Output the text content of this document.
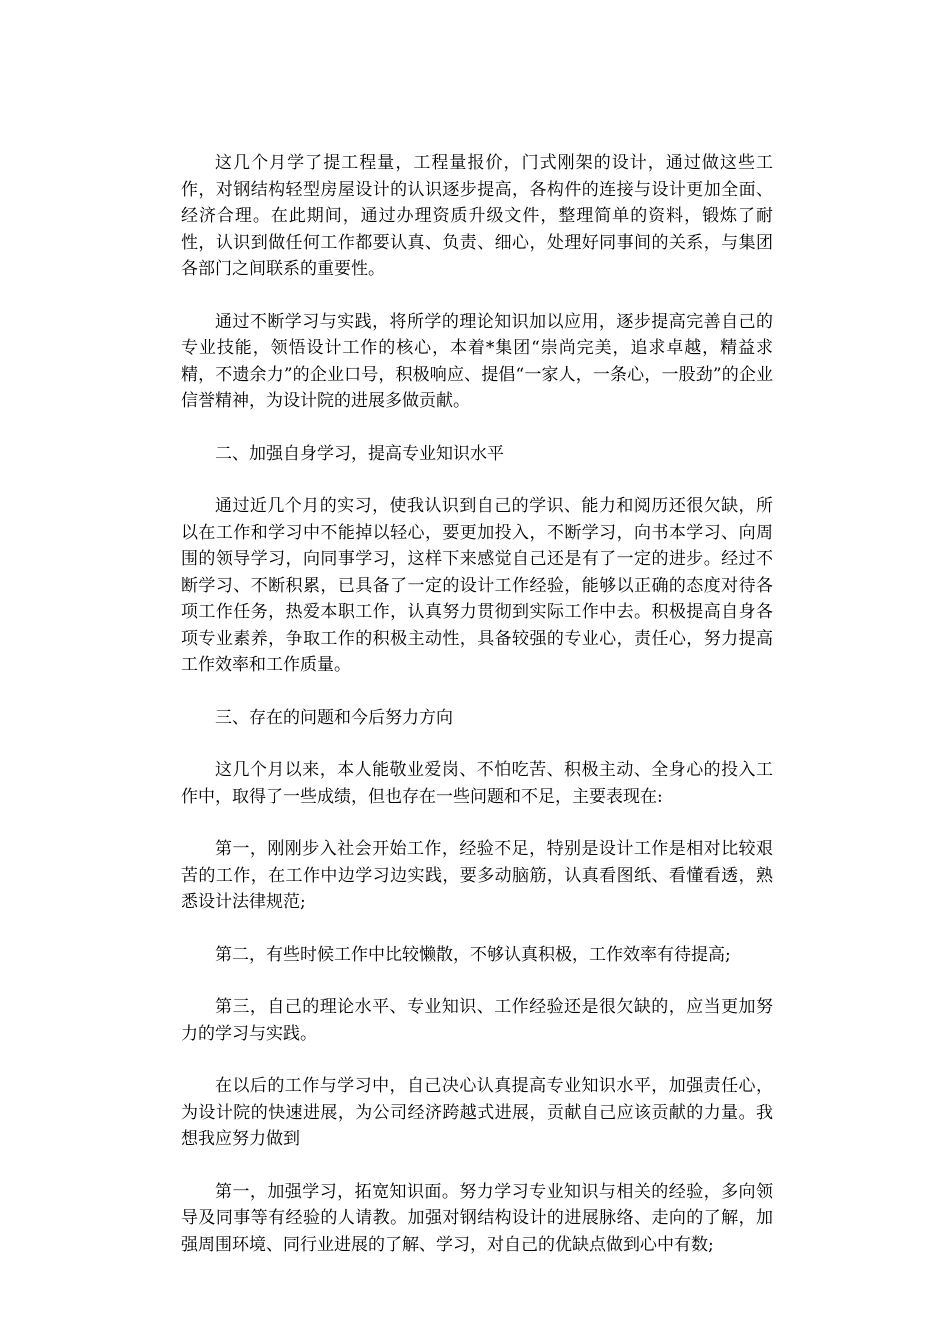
这几个月学了提工程量，工程量报价，门式刚架的设计，通过做这些工作，对钢结构轻型房屋设计的认识逐步提高，各构件的连接与设计更加全面、经济合理。在此期间，通过办理资质升级文件，整理简单的资料，锻炼了耐性，认识到做任何工作都要认真、负责、细心，处理好同事间的关系，与集团各部门之间联系的重要性。

通过不断学习与实践，将所学的理论知识加以应用，逐步提高完善自己的专业技能，领悟设计工作的核心，本着*集团“崇尚完美，追求卓越，精益求精，不遗余力”的企业口号，积极响应、提倡“一家人，一条心，一股劲”的企业信誉精神，为设计院的进展多做贡献。

二、加强自身学习，提高专业知识水平

通过近几个月的实习，使我认识到自己的学识、能力和阅历还很欠缺，所以在工作和学习中不能掉以轻心，要更加投入，不断学习，向书本学习、向周围的领导学习，向同事学习，这样下来感觉自己还是有了一定的进步。经过不断学习、不断积累，已具备了一定的设计工作经验，能够以正确的态度对待各项工作任务，热爱本职工作，认真努力贯彻到实际工作中去。积极提高自身各项专业素养，争取工作的积极主动性，具备较强的专业心，责任心，努力提高工作效率和工作质量。

三、存在的问题和今后努力方向

这几个月以来，本人能敬业爱岗、不怕吃苦、积极主动、全身心的投入工作中，取得了一些成绩，但也存在一些问题和不足，主要表现在:

第一，刚刚步入社会开始工作，经验不足，特别是设计工作是相对比较艰苦的工作，在工作中边学习边实践，要多动脑筋，认真看图纸、看懂看透，熟悉设计法律规范;

第二，有些时候工作中比较懒散，不够认真积极，工作效率有待提高;

第三，自己的理论水平、专业知识、工作经验还是很欠缺的，应当更加努力的学习与实践。

在以后的工作与学习中，自己决心认真提高专业知识水平，加强责任心，为设计院的快速进展，为公司经济跨越式进展，贡献自己应该贡献的力量。我想我应努力做到

第一，加强学习，拓宽知识面。努力学习专业知识与相关的经验，多向领导及同事等有经验的人请教。加强对钢结构设计的进展脉络、走向的了解，加强周围环境、同行业进展的了解、学习，对自己的优缺点做到心中有数;
